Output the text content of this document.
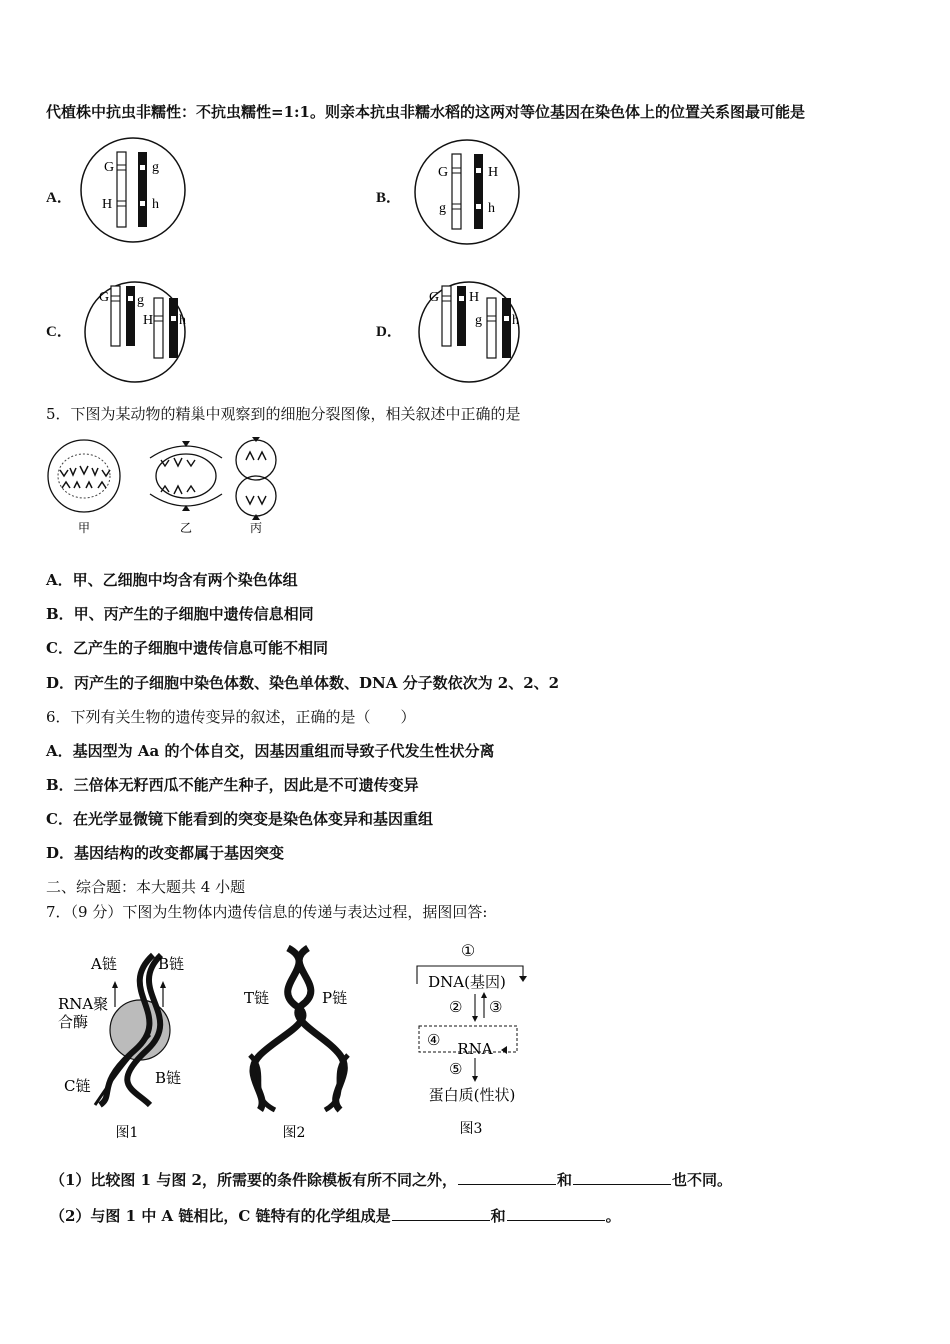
代植株中抗虫非糯性：不抗虫糯性=1:1。则亲本抗虫非糯水稻的这两对等位基因在染色体上的位置关系图最可能是
A．
G
H
g
h	B．
G	H
g	h
C．
G g
H h
D．
G H
g h
5．下图为某动物的精巢中观察到的细胞分裂图像，相关叙述中正确的是
甲	乙	丙
A．甲、乙细胞中均含有两个染色体组
B．甲、丙产生的子细胞中遗传信息相同
C．乙产生的子细胞中遗传信息可能不相同
D．丙产生的子细胞中染色体数、染色单体数、DNA 分子数依次为 2、2、2
6．下列有关生物的遗传变异的叙述，正确的是（　　）
A．基因型为 Aa 的个体自交，因基因重组而导致子代发生性状分离
B．三倍体无籽西瓜不能产生种子，因此是不可遗传变异
C．在光学显微镜下能看到的突变是染色体变异和基因重组
D．基因结构的改变都属于基因突变
二、综合题：本大题共 4 小题
7．（9 分）下图为生物体内遗传信息的传递与表达过程，据图回答:
A链	B链
RNA聚
合酶
C链	B链
图1
T链	P链
图2
①
DNA(基因)
② ③
④ RNA
⑤
蛋白质(性状)
图3
（1）比较图 1 与图 2，所需要的条件除模板有所不同之外，	和	也不同。
（2）与图 1 中 A 链相比，C 链特有的化学组成是	和	。
